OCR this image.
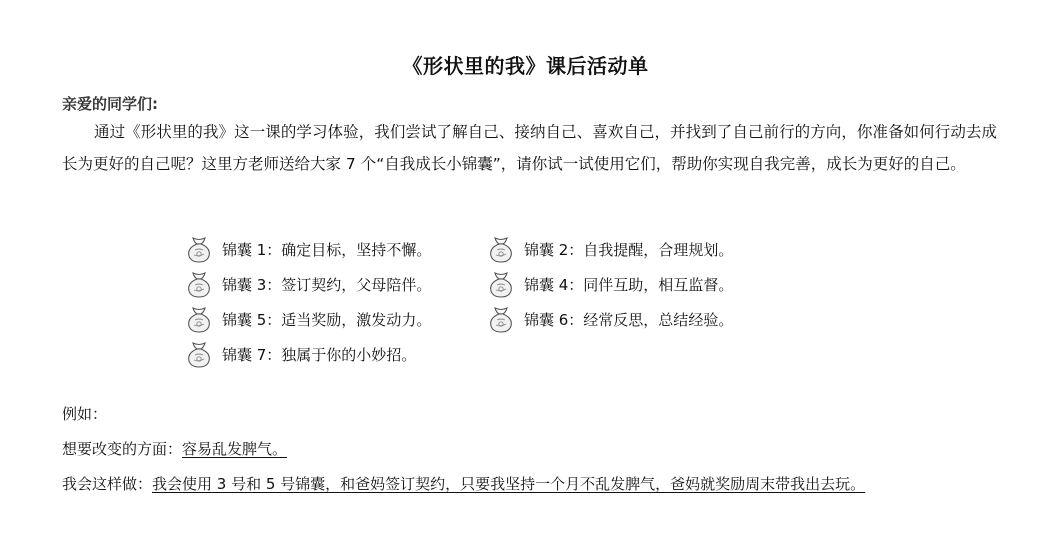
《形状里的我》课后活动单
亲爱的同学们:
通过《形状里的我》这一课的学习体验，我们尝试了解自己、接纳自己、喜欢自己，并找到了自己前行的方向，你准备如何行动去成长为更好的自己呢？这里方老师送给大家 7 个“自我成长小锦囊”，请你试一试使用它们，帮助你实现自我完善，成长为更好的自己。
锦囊 1：确定目标，坚持不懈。	锦囊 2：自我提醒，合理规划。
锦囊 3：签订契约，父母陪伴。	锦囊 4：同伴互助，相互监督。
锦囊 5：适当奖励，激发动力。	锦囊 6：经常反思，总结经验。
锦囊 7：独属于你的小妙招。
例如：
想要改变的方面：容易乱发脾气。
我会这样做：我会使用 3 号和 5 号锦囊，和爸妈签订契约，只要我坚持一个月不乱发脾气，爸妈就奖励周末带我出去玩。
